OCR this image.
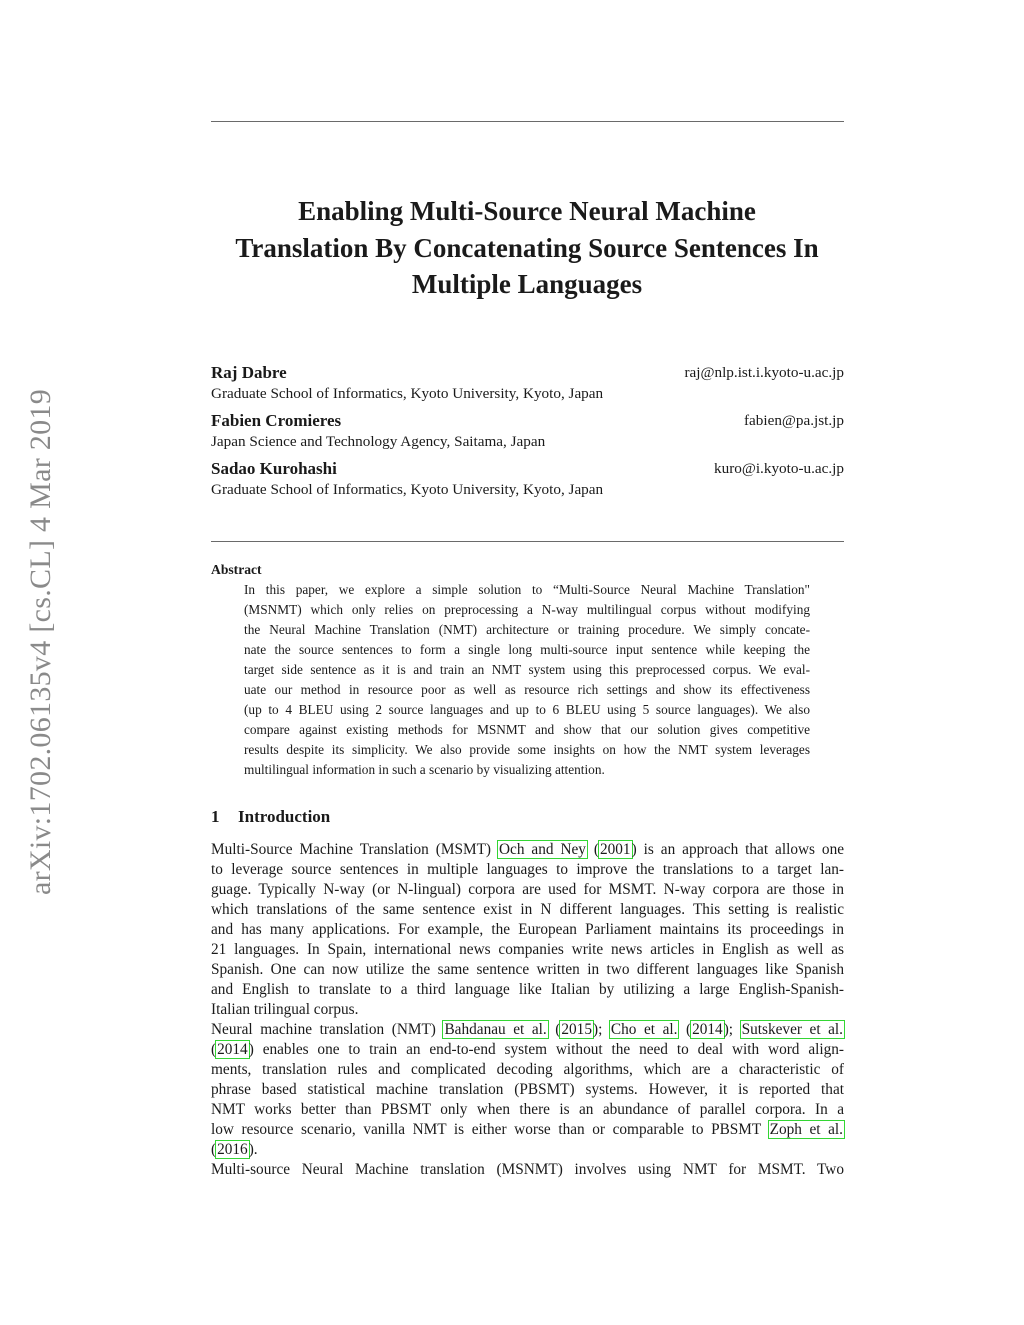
arXiv:1702.06135v4 [cs.CL] 4 Mar 2019
Enabling Multi-Source Neural Machine
Translation By Concatenating Source Sentences In
Multiple Languages
Raj Dabre
Graduate School of Informatics, Kyoto University, Kyoto, Japan
raj@nlp.ist.i.kyoto-u.ac.jp
Fabien Cromieres
Japan Science and Technology Agency, Saitama, Japan
fabien@pa.jst.jp
Sadao Kurohashi
Graduate School of Informatics, Kyoto University, Kyoto, Japan
kuro@i.kyoto-u.ac.jp
Abstract
In this paper, we explore a simple solution to “Multi-Source Neural Machine Translation"
(MSNMT) which only relies on preprocessing a N-way multilingual corpus without modifying
the Neural Machine Translation (NMT) architecture or training procedure. We simply concate-
nate the source sentences to form a single long multi-source input sentence while keeping the
target side sentence as it is and train an NMT system using this preprocessed corpus. We eval-
uate our method in resource poor as well as resource rich settings and show its effectiveness
(up to 4 BLEU using 2 source languages and up to 6 BLEU using 5 source languages). We also
compare against existing methods for MSNMT and show that our solution gives competitive
results despite its simplicity. We also provide some insights on how the NMT system leverages
multilingual information in such a scenario by visualizing attention.
1 Introduction
Multi-Source Machine Translation (MSMT) Och and Ney (2001) is an approach that allows one
to leverage source sentences in multiple languages to improve the translations to a target lan-
guage. Typically N-way (or N-lingual) corpora are used for MSMT. N-way corpora are those in
which translations of the same sentence exist in N different languages. This setting is realistic
and has many applications. For example, the European Parliament maintains its proceedings in
21 languages. In Spain, international news companies write news articles in English as well as
Spanish. One can now utilize the same sentence written in two different languages like Spanish
and English to translate to a third language like Italian by utilizing a large English-Spanish-
Italian trilingual corpus.
Neural machine translation (NMT) Bahdanau et al. (2015); Cho et al. (2014); Sutskever et al.
(2014) enables one to train an end-to-end system without the need to deal with word align-
ments, translation rules and complicated decoding algorithms, which are a characteristic of
phrase based statistical machine translation (PBSMT) systems. However, it is reported that
NMT works better than PBSMT only when there is an abundance of parallel corpora. In a
low resource scenario, vanilla NMT is either worse than or comparable to PBSMT Zoph et al.
(2016).
Multi-source Neural Machine translation (MSNMT) involves using NMT for MSMT. Two
